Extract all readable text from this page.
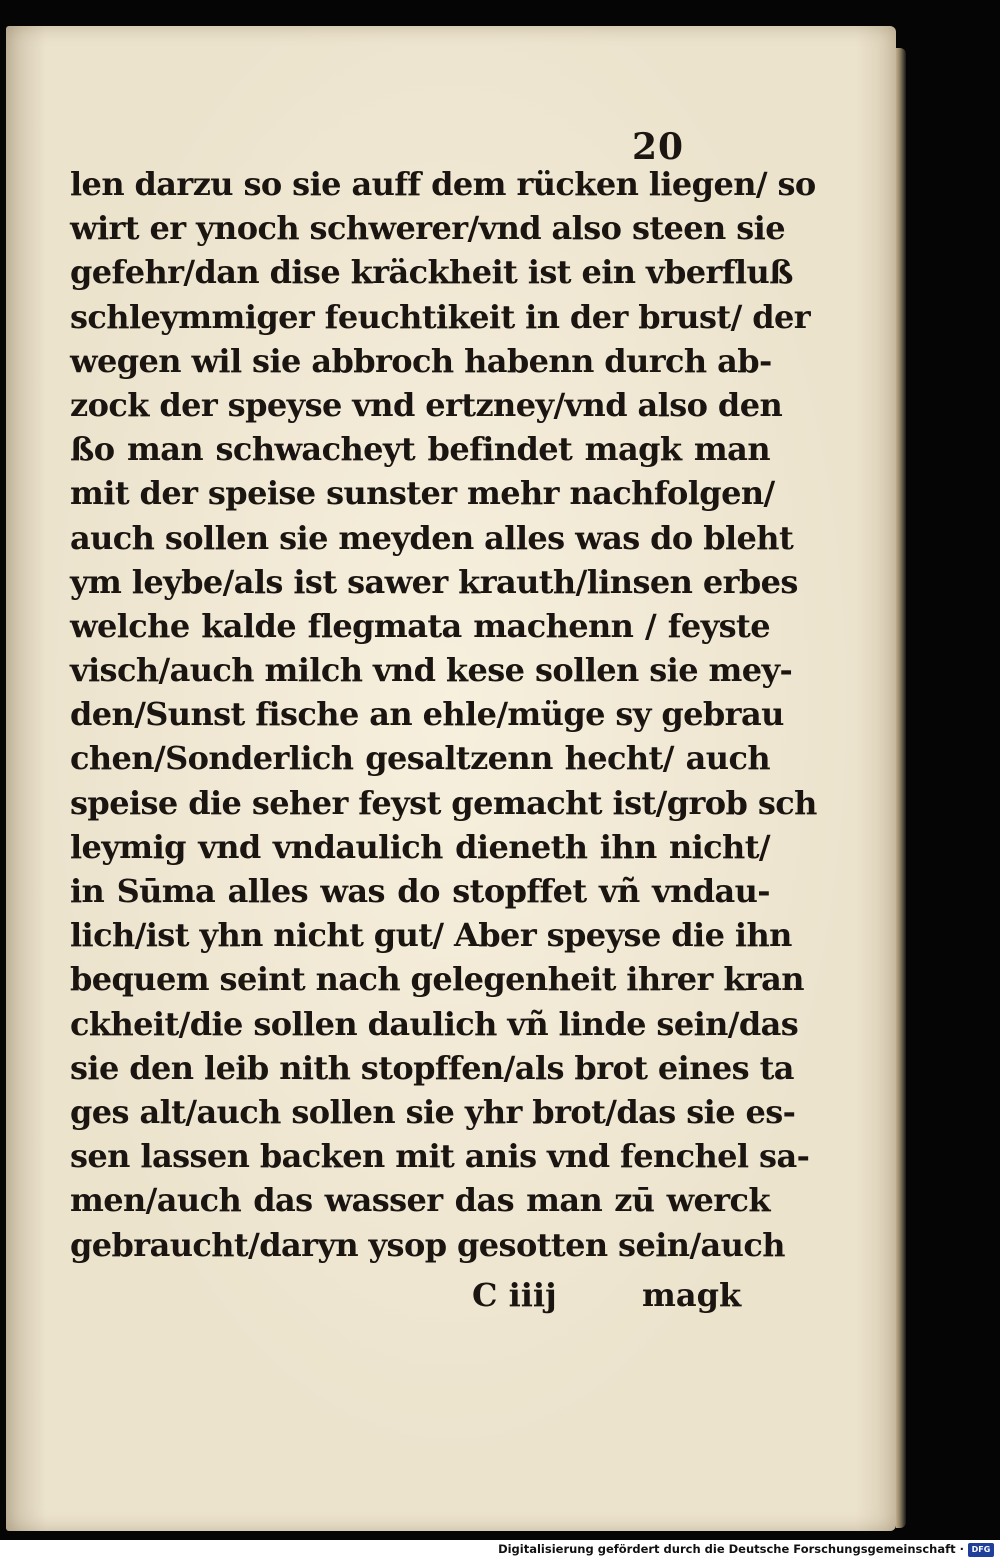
20
len darzu so sie auff dem rücken liegen/ so
wirt er ynoch schwerer/vnd also steen sie
gefehr/dan dise kräckheit ist ein vberfluß
schleymmiger feuchtikeit in der brust/ der
wegen wil sie abbroch habenn durch ab-
zock der speyse vnd ertzney/vnd also den
ßo man schwacheyt befindet magk man
mit der speise sunster mehr nachfolgen/
auch sollen sie meyden alles was do bleht
ym leybe/als ist sawer krauth/linsen erbes
welche kalde flegmata machenn / feyste
visch/auch milch vnd kese sollen sie mey-
den/Sunst fische an ehle/müge sy gebrau
chen/Sonderlich gesaltzenn hecht/ auch
speise die seher feyst gemacht ist/grob sch
leymig vnd vndaulich dieneth ihn nicht/
in Sūma alles was do stopffet vñ vndau-
lich/ist yhn nicht gut/ Aber speyse die ihn
bequem seint nach gelegenheit ihrer kran
ckheit/die sollen daulich vñ linde sein/das
sie den leib nith stopffen/als brot eines ta
ges alt/auch sollen sie yhr brot/das sie es-
sen lassen backen mit anis vnd fenchel sa-
men/auch das wasser das man zū werck
gebraucht/daryn ysop gesotten sein/auch
C iiij	magk
Digitalisierung gefördert durch die Deutsche Forschungsgemeinschaft · DFG
